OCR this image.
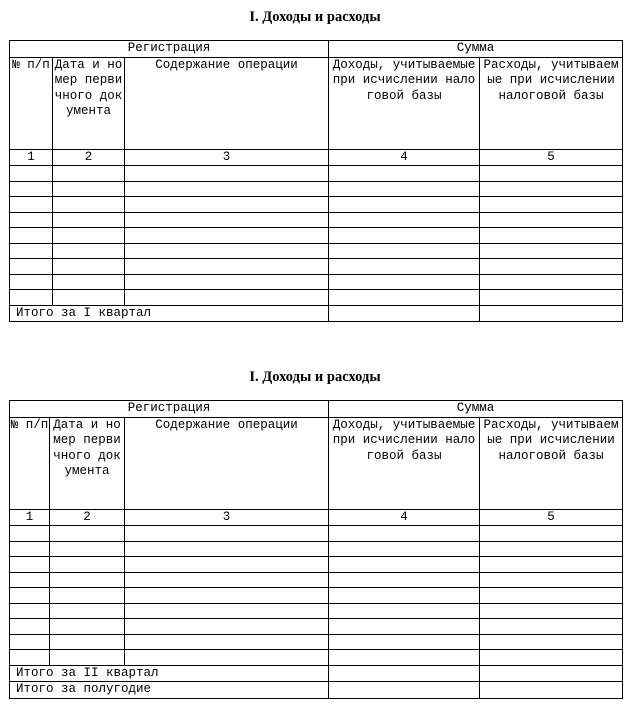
I. Доходы и расходы
Регистрация			Сумма	
№ п/п	Дата и номер первичного документа	Содержание операции	Доходы, учитываемые при исчислении налоговой базы	Расходы, учитываемые при исчислении налоговой базы
1	2	3	4	5

Итого за I квартал				
I. Доходы и расходы
Регистрация			Сумма	
№ п/п	Дата и номер первичного документа	Содержание операции	Доходы, учитываемые при исчислении налоговой базы	Расходы, учитываемые при исчислении налоговой базы
1	2	3	4	5

Итого за II квартал				
Итого за полугодие				
